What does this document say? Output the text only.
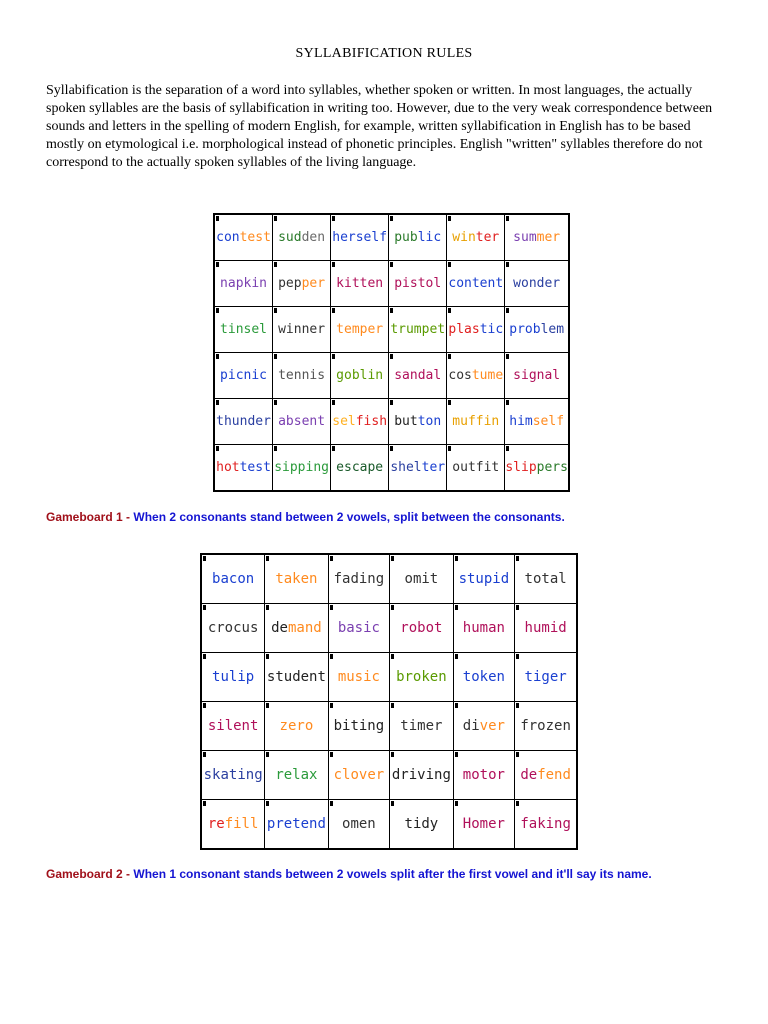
SYLLABIFICATION RULES

Syllabification is the separation of a word into syllables, whether spoken or written. In most languages, the actually spoken syllables are the basis of syllabification in writing too. However, due to the very weak correspondence between sounds and letters in the spelling of modern English, for example, written syllabification in English has to be based mostly on etymological i.e. morphological instead of phonetic principles. English "written" syllables therefore do not correspond to the actually spoken syllables of the living language.

contest	sudden	herself	public	winter	summer
napkin	pepper	kitten	pistol	content	wonder
tinsel	winner	temper	trumpet	plastic	problem
picnic	tennis	goblin	sandal	costume	signal
thunder	absent	selfish	button	muffin	himself
hottest	sipping	escape	shelter	outfit	slippers
Gameboard 1 - When 2 consonants stand between 2 vowels, split between the consonants.
bacon	taken	fading	omit	stupid	total
crocus	demand	basic	robot	human	humid
tulip	student	music	broken	token	tiger
silent	zero	biting	timer	diver	frozen
skating	relax	clover	driving	motor	defend
refill	pretend	omen	tidy	Homer	faking
Gameboard 2 - When 1 consonant stands between 2 vowels split after the first vowel and it'll say its name.
